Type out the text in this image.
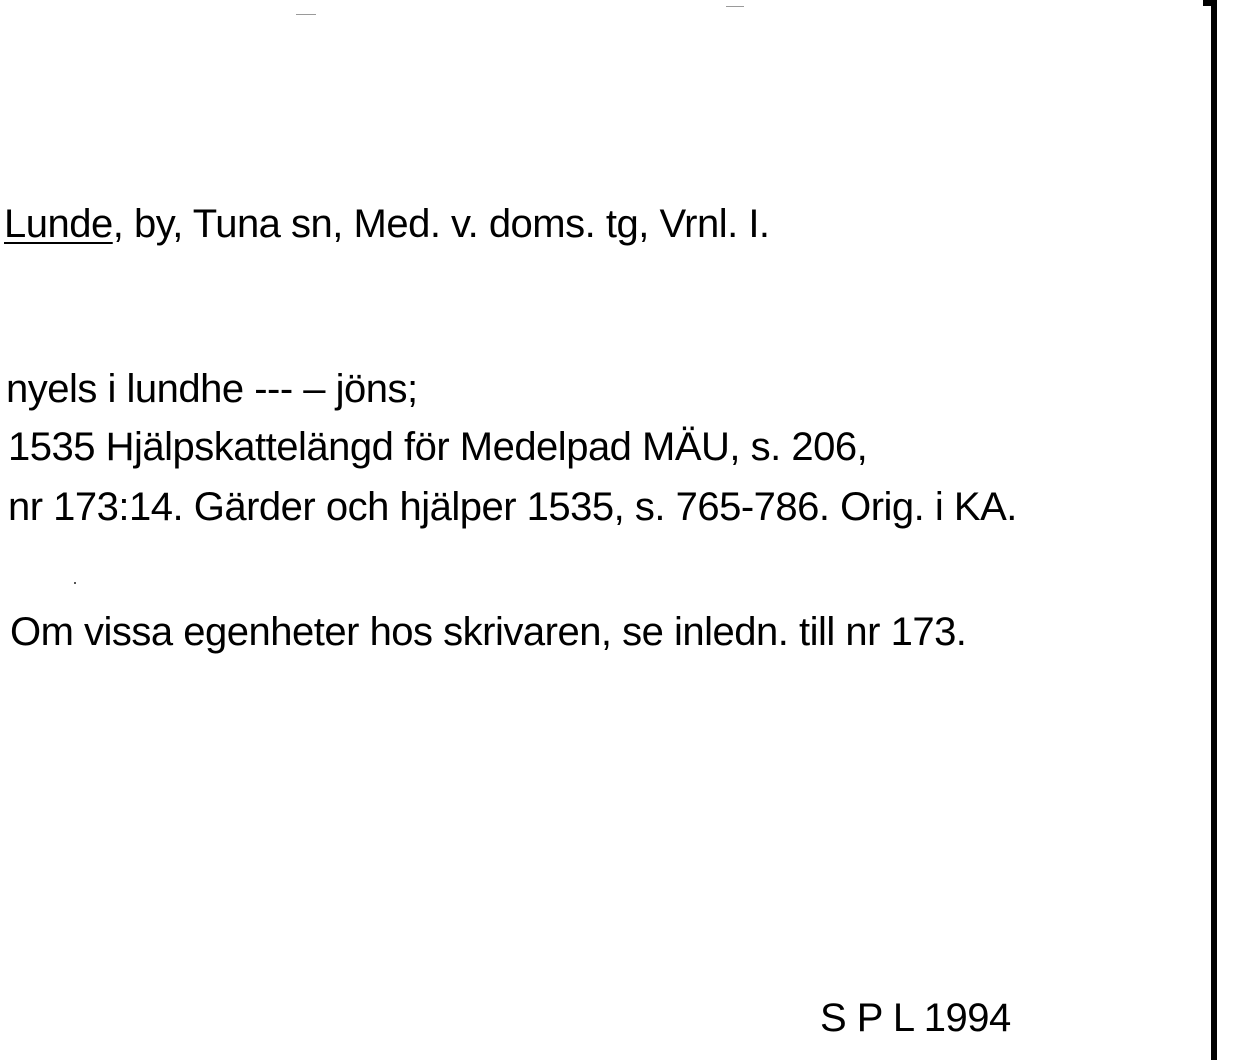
Lunde, by, Tuna sn, Med. v. doms. tg, Vrnl. I.
nyels i lundhe --- – jöns;
1535 Hjälpskattelängd för Medelpad MÄU, s. 206,
nr 173:14. Gärder och hjälper 1535, s. 765-786. Orig. i KA.
Om vissa egenheter hos skrivaren, se inledn. till nr 173.
S P L 1994
